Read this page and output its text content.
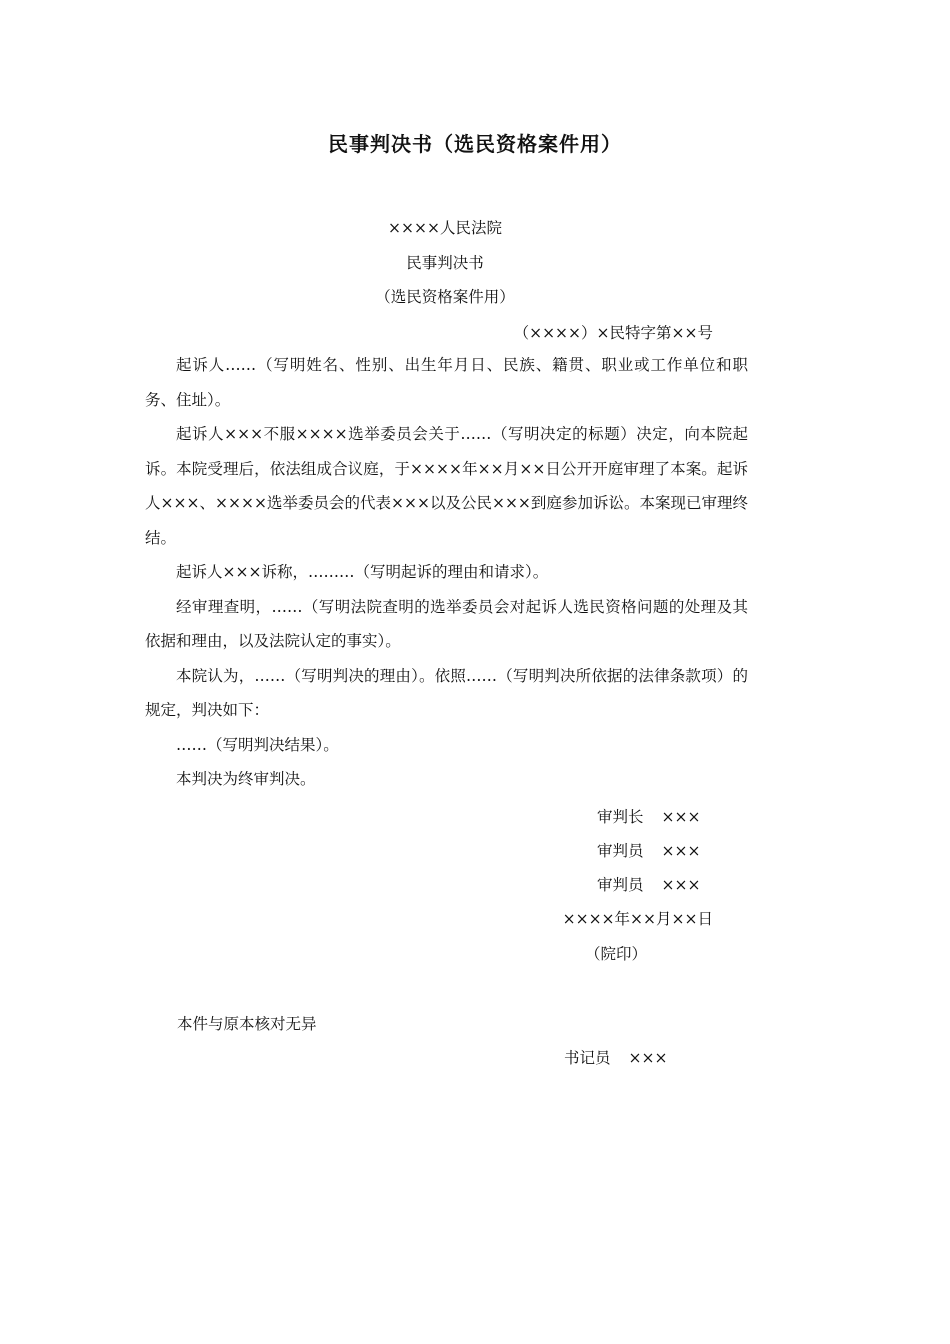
民事判决书（选民资格案件用）
××××人民法院
民事判决书
（选民资格案件用）
（××××）×民特字第××号

起诉人……（写明姓名、性别、出生年月日、民族、籍贯、职业或工作单位和职务、住址）。

起诉人×××不服××××选举委员会关于……（写明决定的标题）决定，向本院起诉。本院受理后，依法组成合议庭，于××××年××月××日公开开庭审理了本案。起诉人×××、××××选举委员会的代表×××以及公民×××到庭参加诉讼。本案现已审理终结。

起诉人×××诉称，………（写明起诉的理由和请求）。

经审理查明，……（写明法院查明的选举委员会对起诉人选民资格问题的处理及其依据和理由，以及法院认定的事实）。

本院认为，……（写明判决的理由）。依照……（写明判决所依据的法律条款项）的规定，判决如下：

……（写明判决结果）。

本判决为终审判决。

审判长 ×××
审判员 ×××
审判员 ×××
××××年××月××日
（院印）
本件与原本核对无异
书记员 ×××
